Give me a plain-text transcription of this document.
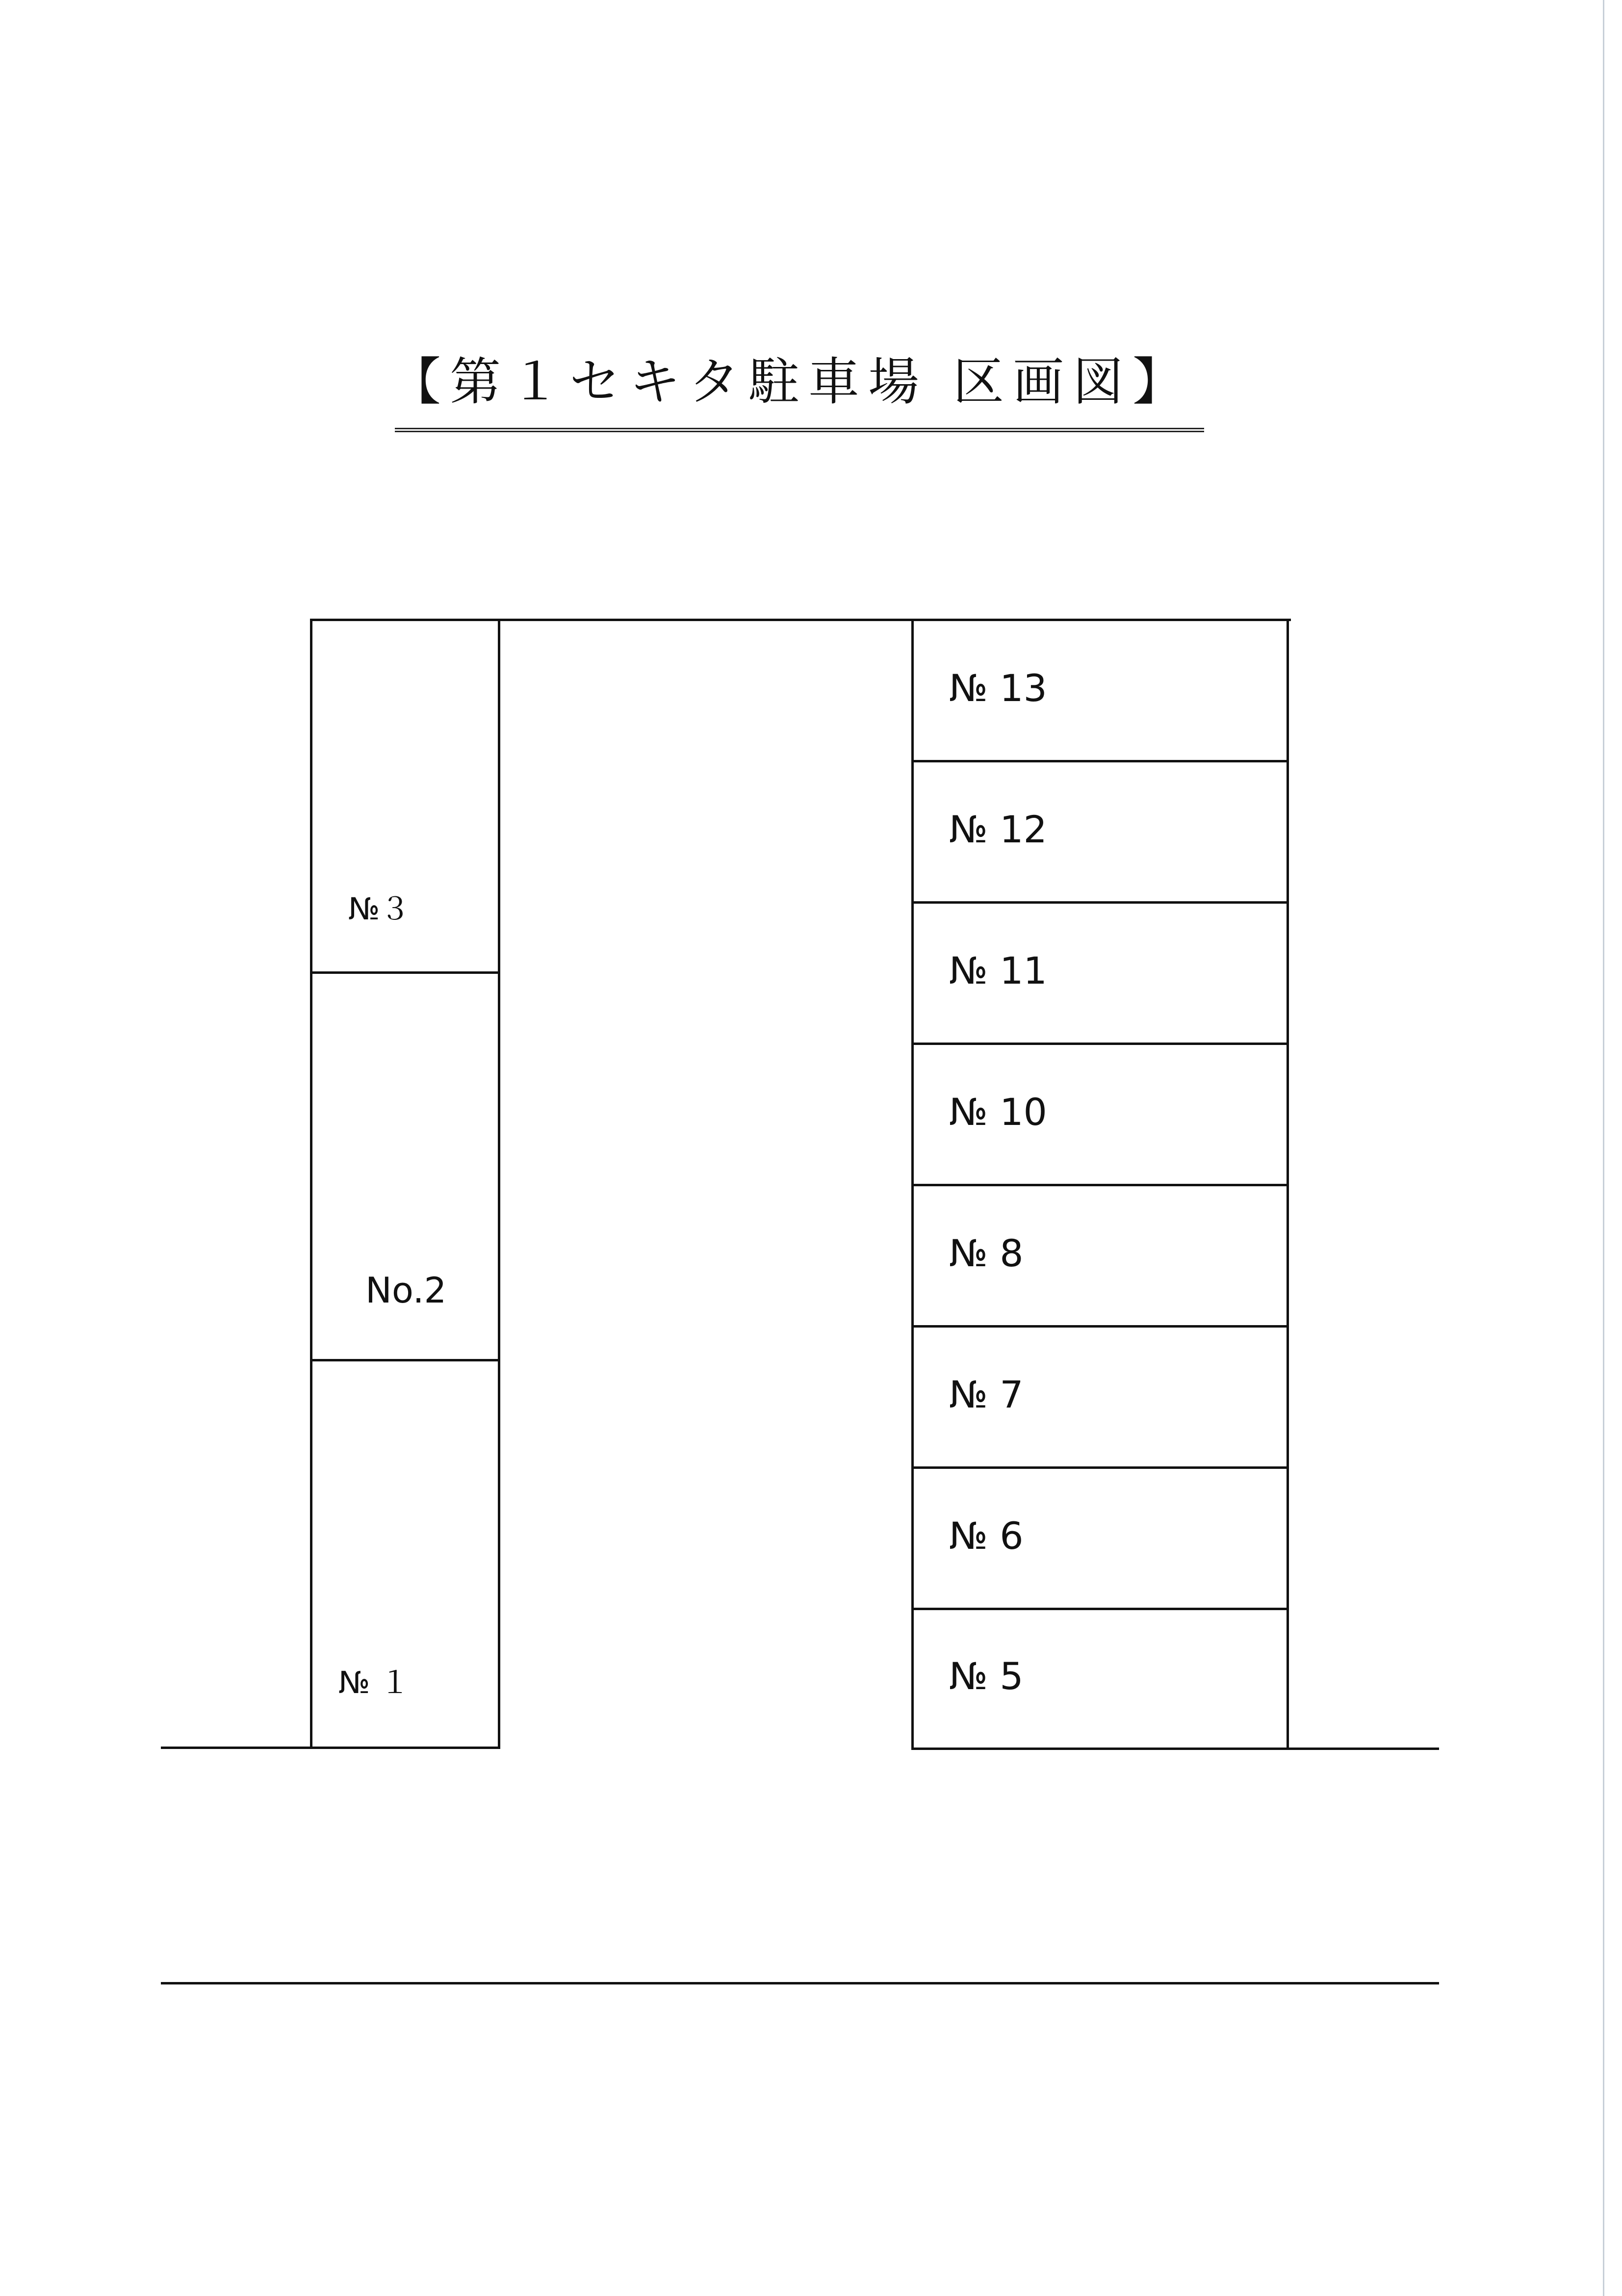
【第１セキタ駐車場 区画図】
№３
No.2
№ １
№ 13
№ 12
№ 11
№ 10
№ 8
№ 7
№ 6
№ 5
